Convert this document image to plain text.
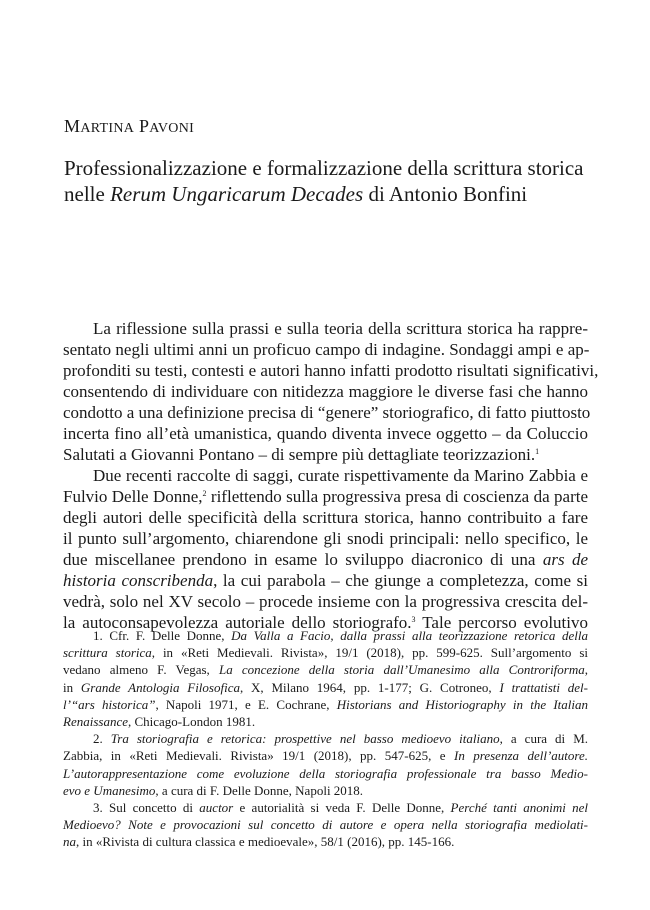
MARTINA PAVONI
Professionalizzazione e formalizzazione della scrittura storica
nelle Rerum Ungaricarum Decades di Antonio Bonfini
La riflessione sulla prassi e sulla teoria della scrittura storica ha rappre-
sentato negli ultimi anni un proficuo campo di indagine. Sondaggi ampi e ap-
profonditi su testi, contesti e autori hanno infatti prodotto risultati significativi,
consentendo di individuare con nitidezza maggiore le diverse fasi che hanno
condotto a una definizione precisa di “genere” storiografico, di fatto piuttosto
incerta fino all’età umanistica, quando diventa invece oggetto – da Coluccio
Salutati a Giovanni Pontano – di sempre più dettagliate teorizzazioni.$^1$
Due recenti raccolte di saggi, curate rispettivamente da Marino Zabbia e
Fulvio Delle Donne,$^2$ riflettendo sulla progressiva presa di coscienza da parte
degli autori delle specificità della scrittura storica, hanno contribuito a fare
il punto sull’argomento, chiarendone gli snodi principali: nello specifico, le
due miscellanee prendono in esame lo sviluppo diacronico di una ars de
historia conscribenda, la cui parabola – che giunge a completezza, come si
vedrà, solo nel XV secolo – procede insieme con la progressiva crescita del-
la autoconsapevolezza autoriale dello storiografo.$^3$ Tale percorso evolutivo
1. Cfr. F. Delle Donne, Da Valla a Facio, dalla prassi alla teorizzazione retorica della
scrittura storica, in «Reti Medievali. Rivista», 19/1 (2018), pp. 599-625. Sull’argomento si
vedano almeno F. Vegas, La concezione della storia dall’Umanesimo alla Controriforma,
in Grande Antologia Filosofica, X, Milano 1964, pp. 1-177; G. Cotroneo, I trattatisti del-
l’“ars historica”, Napoli 1971, e E. Cochrane, Historians and Historiography in the Italian
Renaissance, Chicago-London 1981.
2. Tra storiografia e retorica: prospettive nel basso medioevo italiano, a cura di M.
Zabbia, in «Reti Medievali. Rivista» 19/1 (2018), pp. 547-625, e In presenza dell’autore.
L’autorappresentazione come evoluzione della storiografia professionale tra basso Medio-
evo e Umanesimo, a cura di F. Delle Donne, Napoli 2018.
3. Sul concetto di auctor e autorialità si veda F. Delle Donne, Perché tanti anonimi nel
Medioevo? Note e provocazioni sul concetto di autore e opera nella storiografia mediolati-
na, in «Rivista di cultura classica e medioevale», 58/1 (2016), pp. 145-166.
